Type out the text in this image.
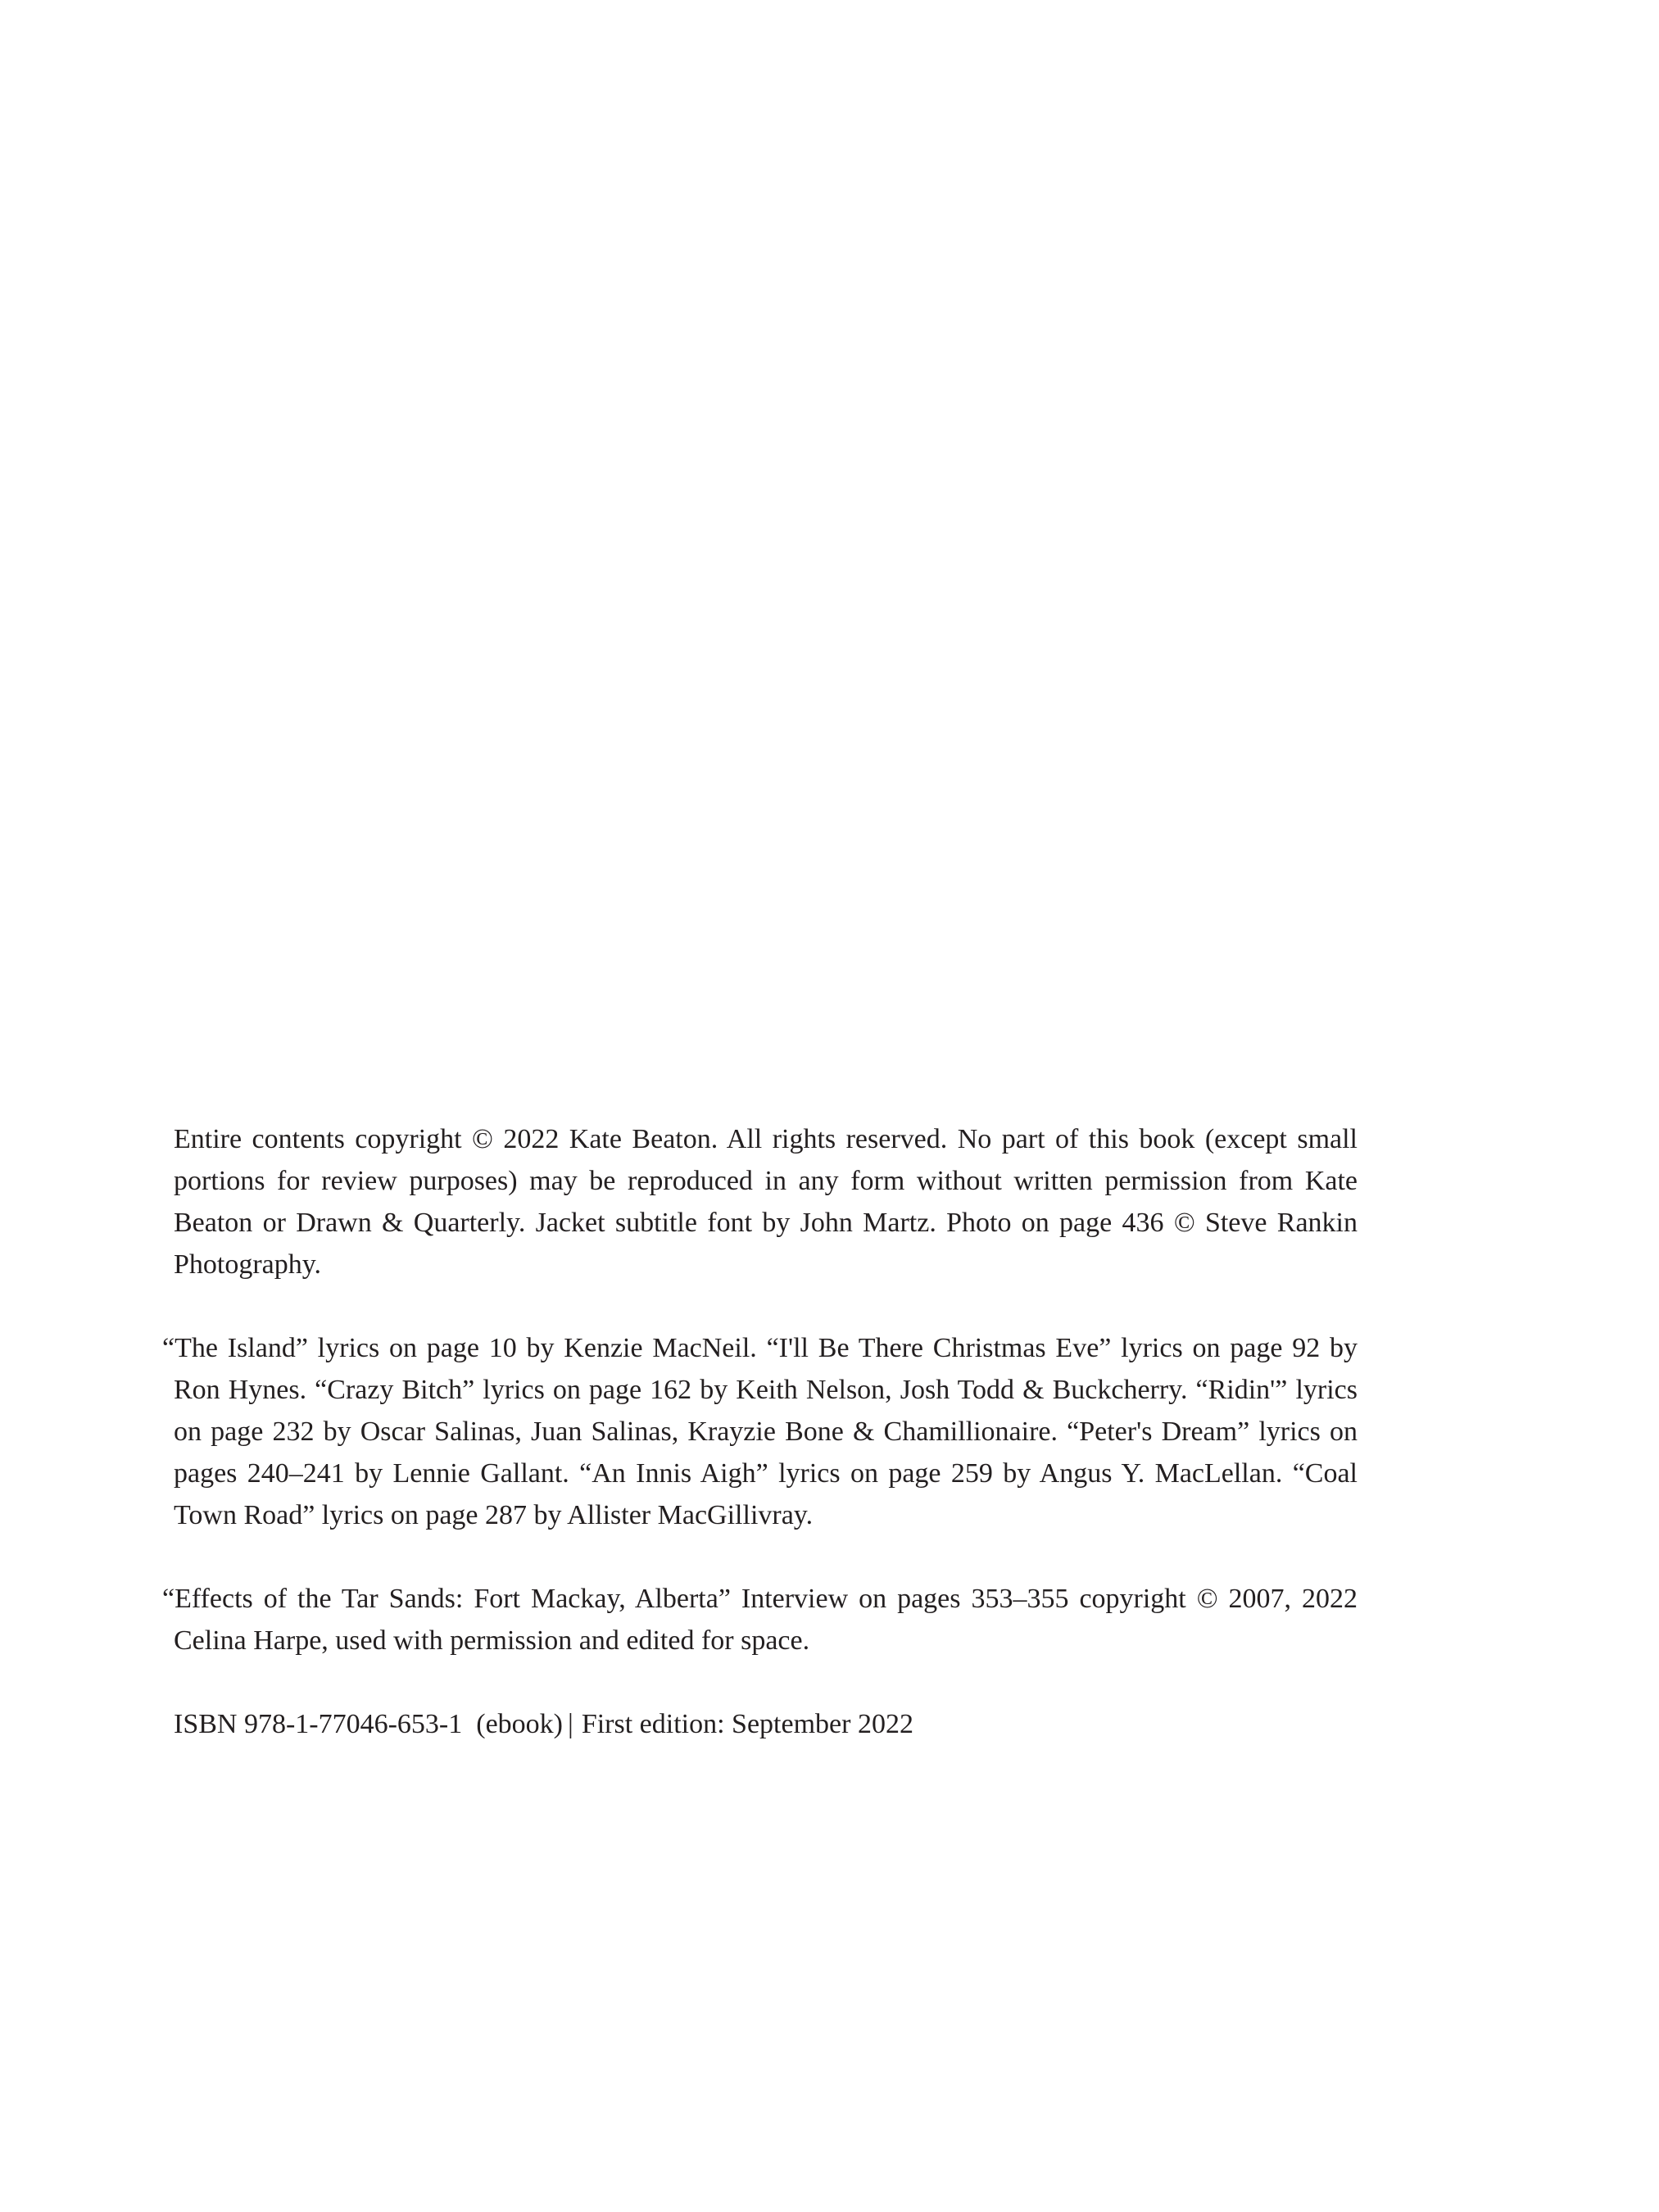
Entire contents copyright © 2022 Kate Beaton. All rights reserved. No part of this book (except small portions for review purposes) may be reproduced in any form without written permission from Kate Beaton or Drawn & Quarterly. Jacket subtitle font by John Martz. Photo on page 436 © Steve Rankin Photography.

“The Island” lyrics on page 10 by Kenzie MacNeil. “I'll Be There Christmas Eve” lyrics on page 92 by Ron Hynes. “Crazy Bitch” lyrics on page 162 by Keith Nelson, Josh Todd & Buckcherry. “Ridin'” lyrics on page 232 by Oscar Salinas, Juan Salinas, Krayzie Bone & Chamillionaire. “Peter's Dream” lyrics on pages 240–241 by Lennie Gallant. “An Innis Aigh” lyrics on page 259 by Angus Y. MacLellan. “Coal Town Road” lyrics on page 287 by Allister MacGillivray.

“Effects of the Tar Sands: Fort Mackay, Alberta” Interview on pages 353–355 copyright © 2007, 2022 Celina Harpe, used with permission and edited for space.

ISBN 978-1-77046-653-1  (ebook) | First edition: September 2022
